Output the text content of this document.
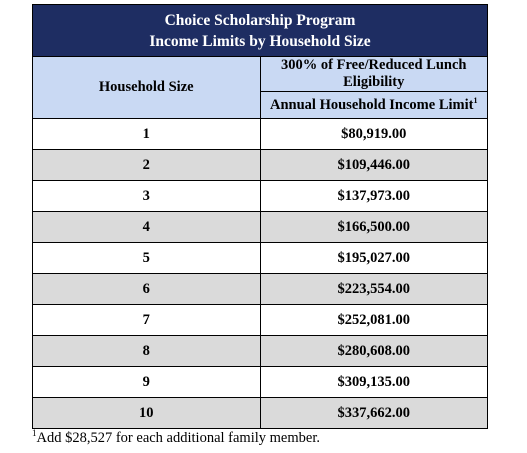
Choice Scholarship Program
Income Limits by Household Size	

Household Size	300% of Free/Reduced Lunch Eligibility
	Annual Household Income Limit$^1$
1	$80,919.00
2	$109,446.00
3	$137,973.00
4	$166,500.00
5	$195,027.00
6	$223,554.00
7	$252,081.00
8	$280,608.00
9	$309,135.00
10	$337,662.00
$^1$Add $28,527 for each additional family member.
